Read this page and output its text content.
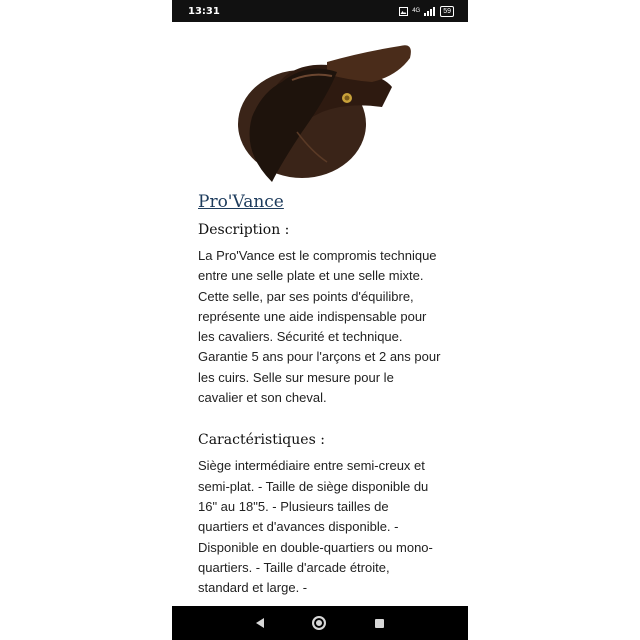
13:31	4G	59
Pro'Vance
Description :

La Pro'Vance est le compromis technique entre une selle plate et une selle mixte. Cette selle, par ses points d'équilibre, représente une aide indispensable pour les cavaliers. Sécurité et technique. Garantie 5 ans pour l'arçons et 2 ans pour les cuirs. Selle sur mesure pour le cavalier et son cheval.

Caractéristiques :

Siège intermédiaire entre semi-creux et semi-plat. - Taille de siège disponible du 16" au 18"5. - Plusieurs tailles de quartiers et d'avances disponible. - Disponible en double-quartiers ou mono-quartiers. - Taille d'arcade étroite, standard et large. -
